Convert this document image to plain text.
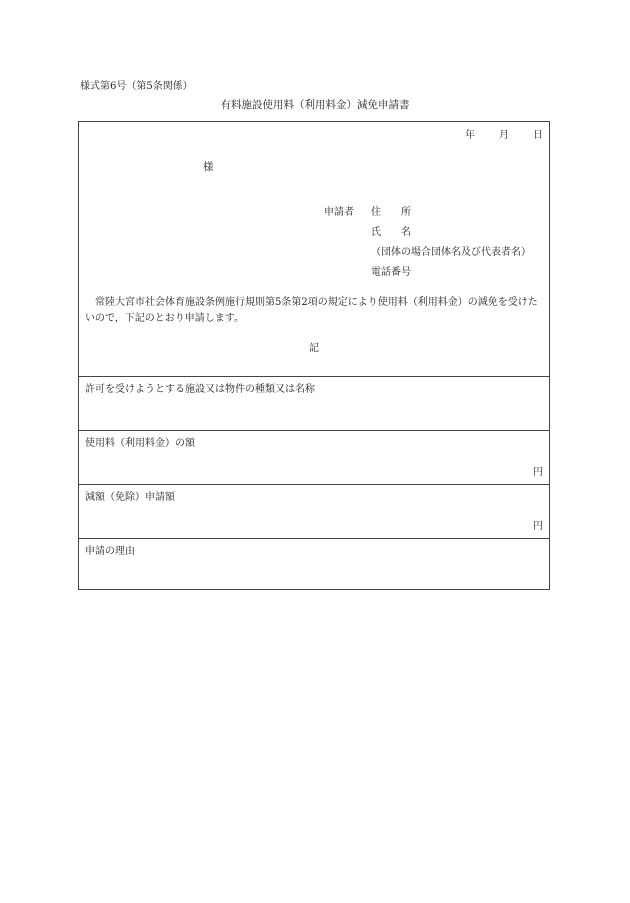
様式第6号（第5条関係）
有料施設使用料（利用料金）減免申請書
年 月 日
様
申請者 住　　所
氏　　名
（団体の場合団体名及び代表者名）
電話番号
常陸大宮市社会体育施設条例施行規則第5条第2項の規定により使用料（利用料金）の減免を受けたいので，下記のとおり申請します。
記
許可を受けようとする施設又は物件の種類又は名称
使用料（利用料金）の額
円
減額（免除）申請額
円
申請の理由
